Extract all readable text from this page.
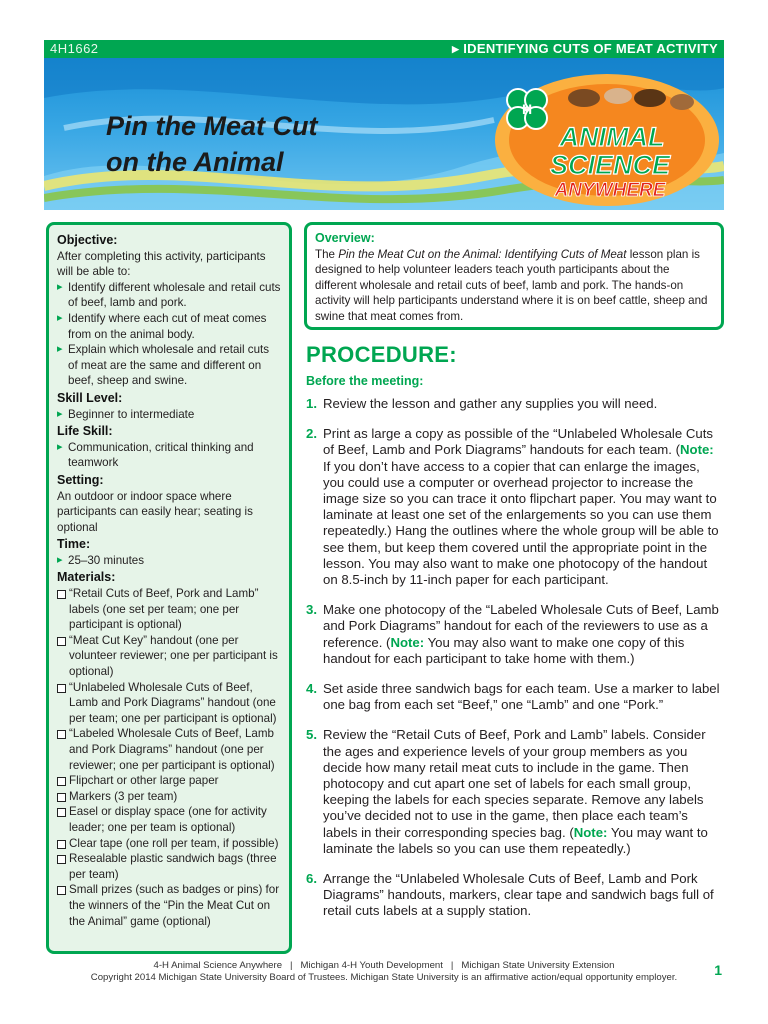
4H1662	▶ IDENTIFYING CUTS OF MEAT ACTIVITY
Pin the Meat Cut
on the Animal
H
ANIMAL
SCIENCE
ANYWHERE
Objective:
After completing this activity, participants will be able to:
▸ Identify different wholesale and retail cuts of beef, lamb and pork.
▸ Identify where each cut of meat comes from on the animal body.
▸ Explain which wholesale and retail cuts of meat are the same and different on beef, sheep and swine.
Skill Level:
▸ Beginner to intermediate
Life Skill:
▸ Communication, critical thinking and teamwork
Setting:
An outdoor or indoor space where participants can easily hear; seating is optional
Time:
▸ 25–30 minutes
Materials:
“Retail Cuts of Beef, Pork and Lamb” labels (one set per team; one per participant is optional)
“Meat Cut Key” handout (one per volunteer reviewer; one per participant is optional)
“Unlabeled Wholesale Cuts of Beef, Lamb and Pork Diagrams” handout (one per team; one per participant is optional)
“Labeled Wholesale Cuts of Beef, Lamb and Pork Diagrams” handout (one per reviewer; one per participant is optional)
Flipchart or other large paper
Markers (3 per team)
Easel or display space (one for activity leader; one per team is optional)
Clear tape (one roll per team, if possible)
Resealable plastic sandwich bags (three per team)
Small prizes (such as badges or pins) for the winners of the “Pin the Meat Cut on the Animal” game (optional)
Overview:
The Pin the Meat Cut on the Animal: Identifying Cuts of Meat lesson plan is designed to help volunteer leaders teach youth participants about the different wholesale and retail cuts of beef, lamb and pork. The hands-on activity will help participants understand where it is on beef cattle, sheep and swine that meat comes from.
PROCEDURE:
Before the meeting:
1. Review the lesson and gather any supplies you will need.
2. Print as large a copy as possible of the “Unlabeled Wholesale Cuts of Beef, Lamb and Pork Diagrams” handouts for each team. (Note: If you don’t have access to a copier that can enlarge the images, you could use a computer or overhead projector to increase the image size so you can trace it onto flipchart paper. You may want to laminate at least one set of the enlargements so you can use them repeatedly.) Hang the outlines where the whole group will be able to see them, but keep them covered until the appropriate point in the lesson. You may also want to make one photocopy of the handout on 8.5-inch by 11-inch paper for each participant.
3. Make one photocopy of the “Labeled Wholesale Cuts of Beef, Lamb and Pork Diagrams” handout for each of the reviewers to use as a reference. (Note: You may also want to make one copy of this handout for each participant to take home with them.)
4. Set aside three sandwich bags for each team. Use a marker to label one bag from each set “Beef,” one “Lamb” and one “Pork.”
5. Review the “Retail Cuts of Beef, Pork and Lamb” labels. Consider the ages and experience levels of your group members as you decide how many retail meat cuts to include in the game. Then photocopy and cut apart one set of labels for each small group, keeping the labels for each species separate. Remove any labels you’ve decided not to use in the game, then place each team’s labels in their corresponding species bag. (Note: You may want to laminate the labels so you can use them repeatedly.)
6. Arrange the “Unlabeled Wholesale Cuts of Beef, Lamb and Pork Diagrams” handouts, markers, clear tape and sandwich bags full of retail cuts labels at a supply station.
4-H Animal Science Anywhere   |   Michigan 4-H Youth Development   |   Michigan State University Extension
Copyright 2014 Michigan State University Board of Trustees. Michigan State University is an affirmative action/equal opportunity employer.	1
